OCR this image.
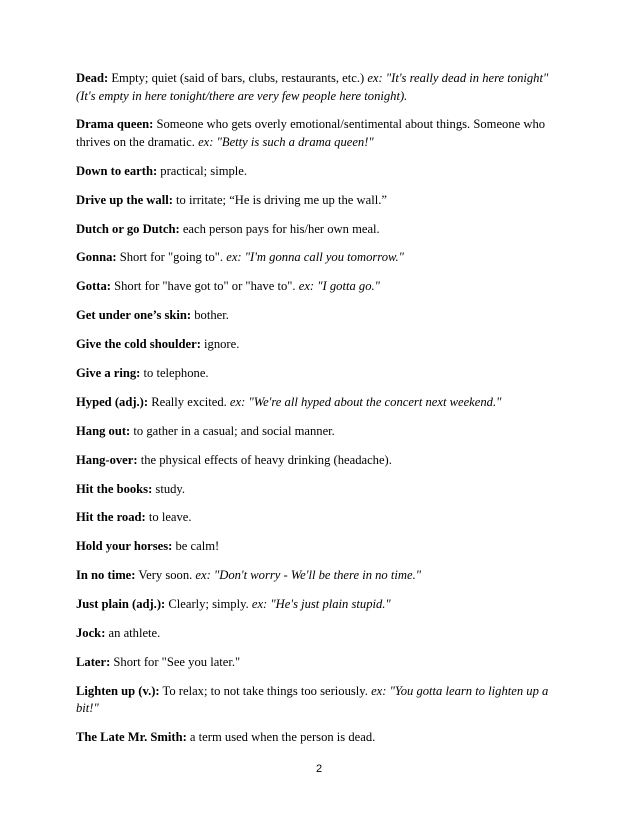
Dead: Empty; quiet (said of bars, clubs, restaurants, etc.) ex: "It's really dead in here tonight" (It's empty in here tonight/there are very few people here tonight).

Drama queen: Someone who gets overly emotional/sentimental about things. Someone who thrives on the dramatic. ex: "Betty is such a drama queen!"

Down to earth: practical; simple.

Drive up the wall: to irritate; “He is driving me up the wall.”

Dutch or go Dutch: each person pays for his/her own meal.

Gonna: Short for "going to". ex: "I'm gonna call you tomorrow."

Gotta: Short for "have got to" or "have to". ex: "I gotta go."

Get under one’s skin: bother.

Give the cold shoulder: ignore.

Give a ring: to telephone.

Hyped (adj.): Really excited. ex: "We're all hyped about the concert next weekend."

Hang out: to gather in a casual; and social manner.

Hang-over: the physical effects of heavy drinking (headache).

Hit the books: study.

Hit the road: to leave.

Hold your horses: be calm!

In no time: Very soon. ex: "Don't worry - We'll be there in no time."

Just plain (adj.): Clearly; simply. ex: "He's just plain stupid."

Jock: an athlete.

Later: Short for "See you later."

Lighten up (v.): To relax; to not take things too seriously. ex: "You gotta learn to lighten up a bit!"

The Late Mr. Smith: a term used when the person is dead.

2
